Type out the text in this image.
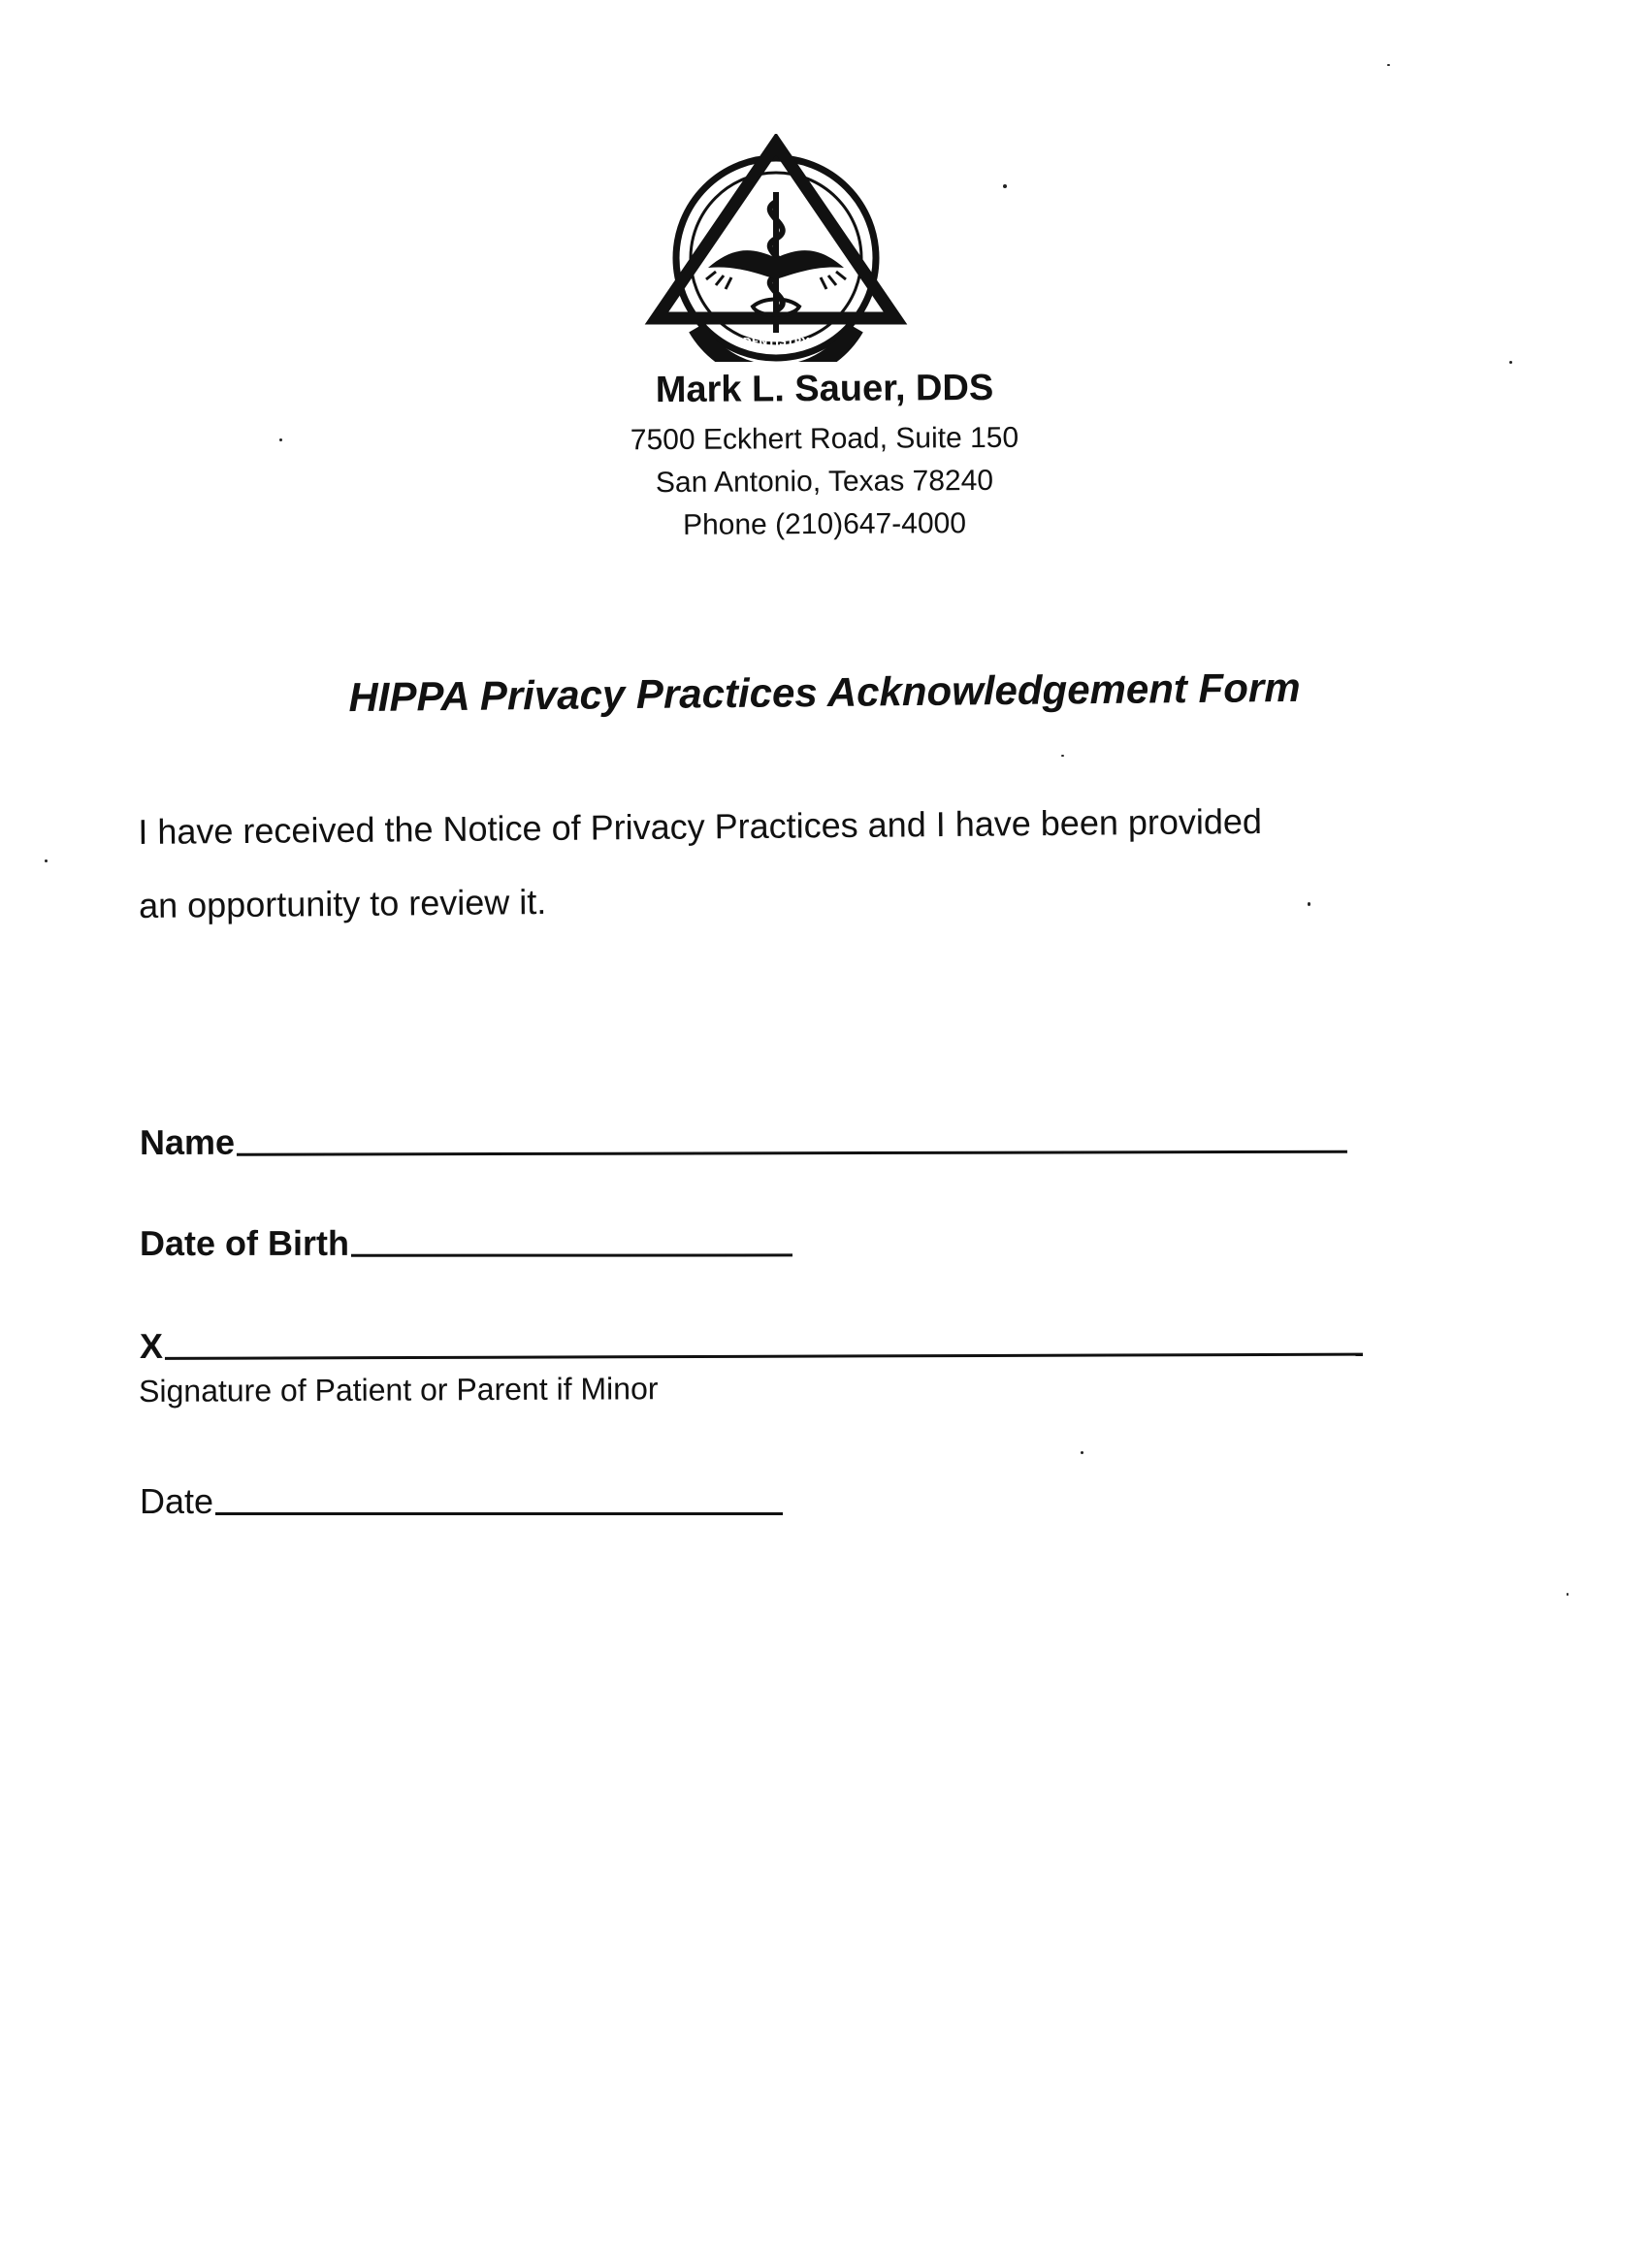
DENTISTRY
Mark L. Sauer, DDS
7500 Eckhert Road, Suite 150
San Antonio, Texas 78240
Phone (210)647-4000
HIPPA Privacy Practices Acknowledgement Form

I have received the Notice of Privacy Practices and I have been provided

an opportunity to review it.

Name
Date of Birth
X
Signature of Patient or Parent if Minor
Date
